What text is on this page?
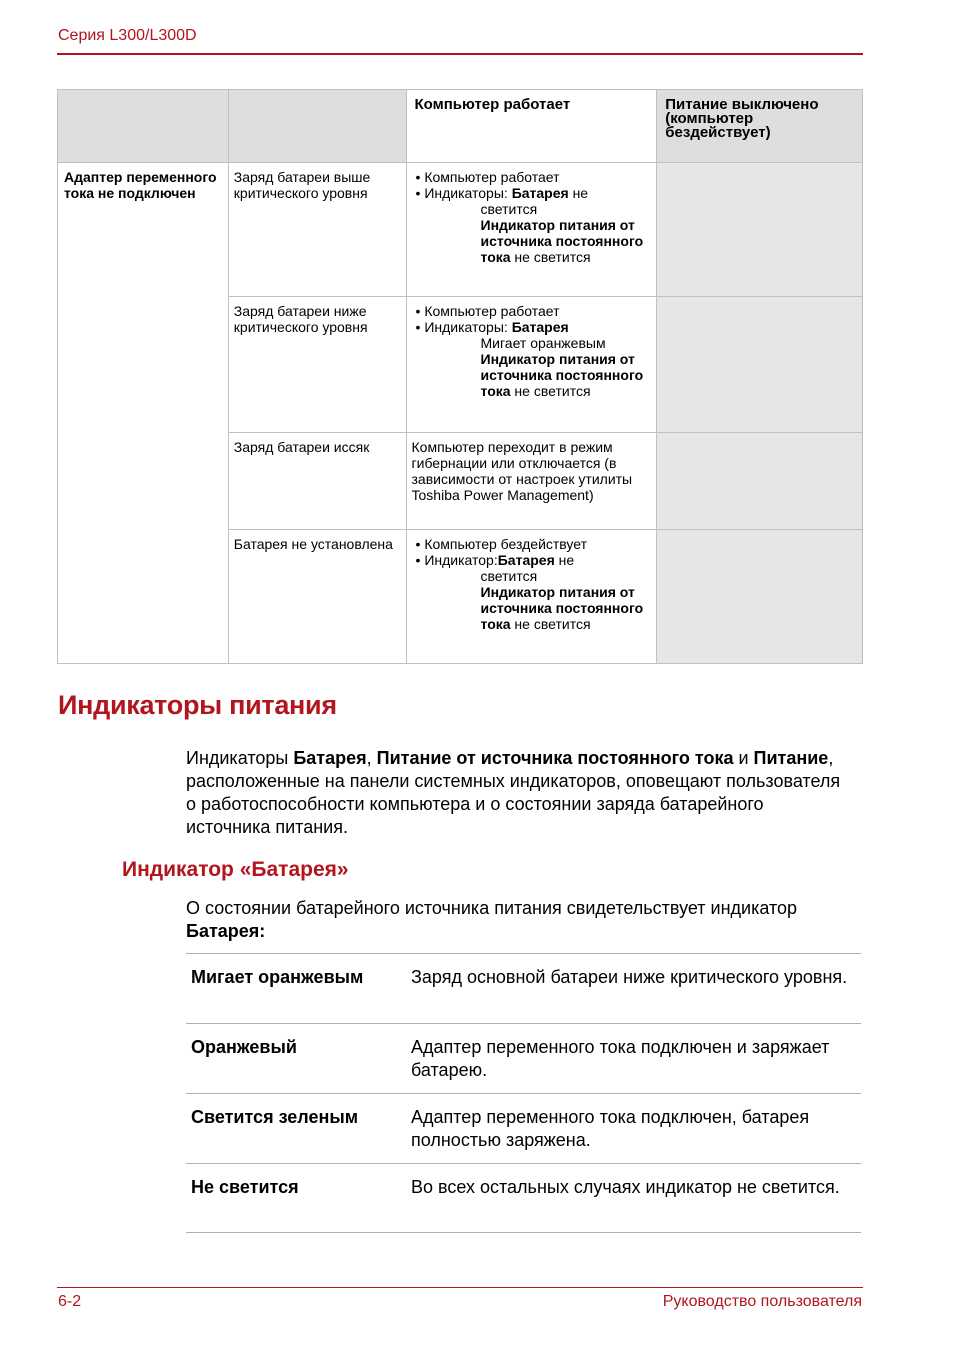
Серия L300/L300D
		Компьютер работает	Питание выключено (компьютер бездействует)
Адаптер переменного тока не подключен	Заряд батареи выше критического уровня	• Компьютер работает
• Индикаторы: Батарея не
светится
Индикатор питания от источника постоянного тока не светится	

	Заряд батареи ниже критического уровня	• Компьютер работает
• Индикаторы: Батарея
Мигает оранжевым
Индикатор питания от источника постоянного тока не светится	

	Заряд батареи иссяк	Компьютер переходит в режим гибернации или отключается (в зависимости от настроек утилиты Toshiba Power Management)	
	Батарея не установлена	• Компьютер бездействует
• Индикатор:Батарея не
светится
Индикатор питания от источника постоянного тока не светится	

Индикаторы питания

Индикаторы Батарея, Питание от источника постоянного тока и Питание, расположенные на панели системных индикаторов, оповещают пользователя о работоспособности компьютера и о состоянии заряда батарейного источника питания.

Индикатор «Батарея»

О состоянии батарейного источника питания свидетельствует индикатор Батарея:

Мигает оранжевым	Заряд основной батареи ниже критического уровня.
Оранжевый	Адаптер переменного тока подключен и заряжает батарею.
Светится зеленым	Адаптер переменного тока подключен, батарея полностью заряжена.
Не светится	Во всех остальных случаях индикатор не светится.
6-2	Руководство пользователя
